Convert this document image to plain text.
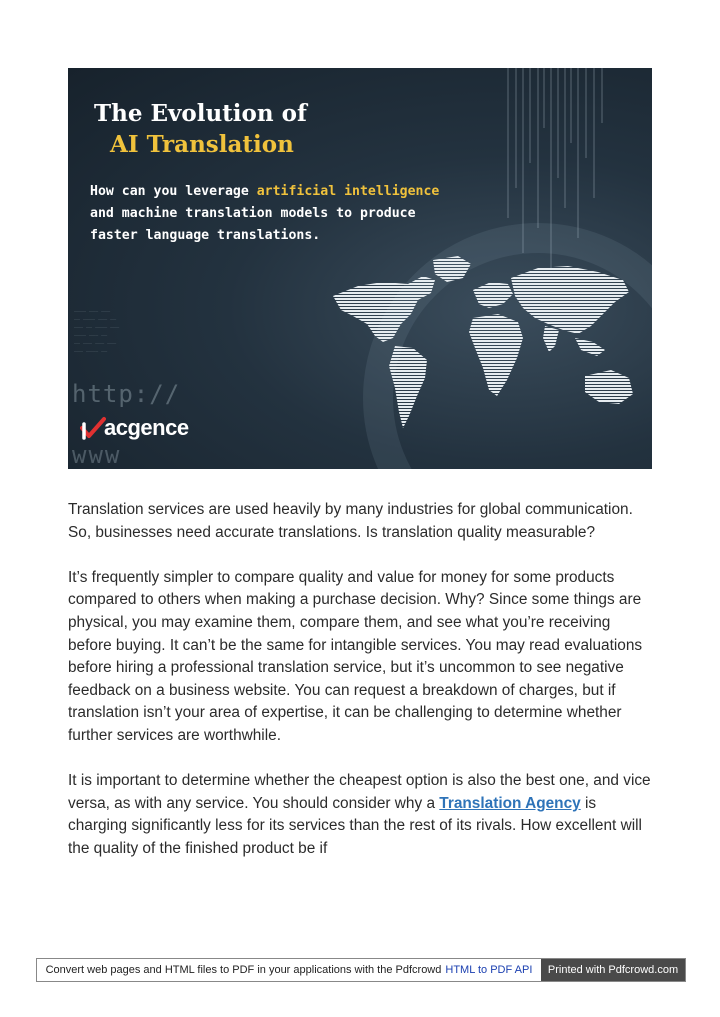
The Evolution of
AI Translation
How can you leverage artificial intelligence
and machine translation models to produce
faster language translations.
———— ——— ———
—— ———— ——— ——
——— —— ———— ———
———— ——— ——
—— ——— ——— ———
——— ———— ——
http://
www
acgence

Translation services are used heavily by many industries for global communication. So, businesses need accurate translations. Is translation quality measurable?

It’s frequently simpler to compare quality and value for money for some products compared to others when making a purchase decision. Why? Since some things are physical, you may examine them, compare them, and see what you’re receiving before buying. It can’t be the same for intangible services. You may read evaluations before hiring a professional translation service, but it’s uncommon to see negative feedback on a business website. You can request a breakdown of charges, but if translation isn’t your area of expertise, it can be challenging to determine whether further services are worthwhile.

It is important to determine whether the cheapest option is also the best one, and vice versa, as with any service. You should consider why a Translation Agency is charging significantly less for its services than the rest of its rivals. How excellent will the quality of the finished product be if

Convert web pages and HTML files to PDF in your applications with the Pdfcrowd HTML to PDF API	Printed with Pdfcrowd.com
